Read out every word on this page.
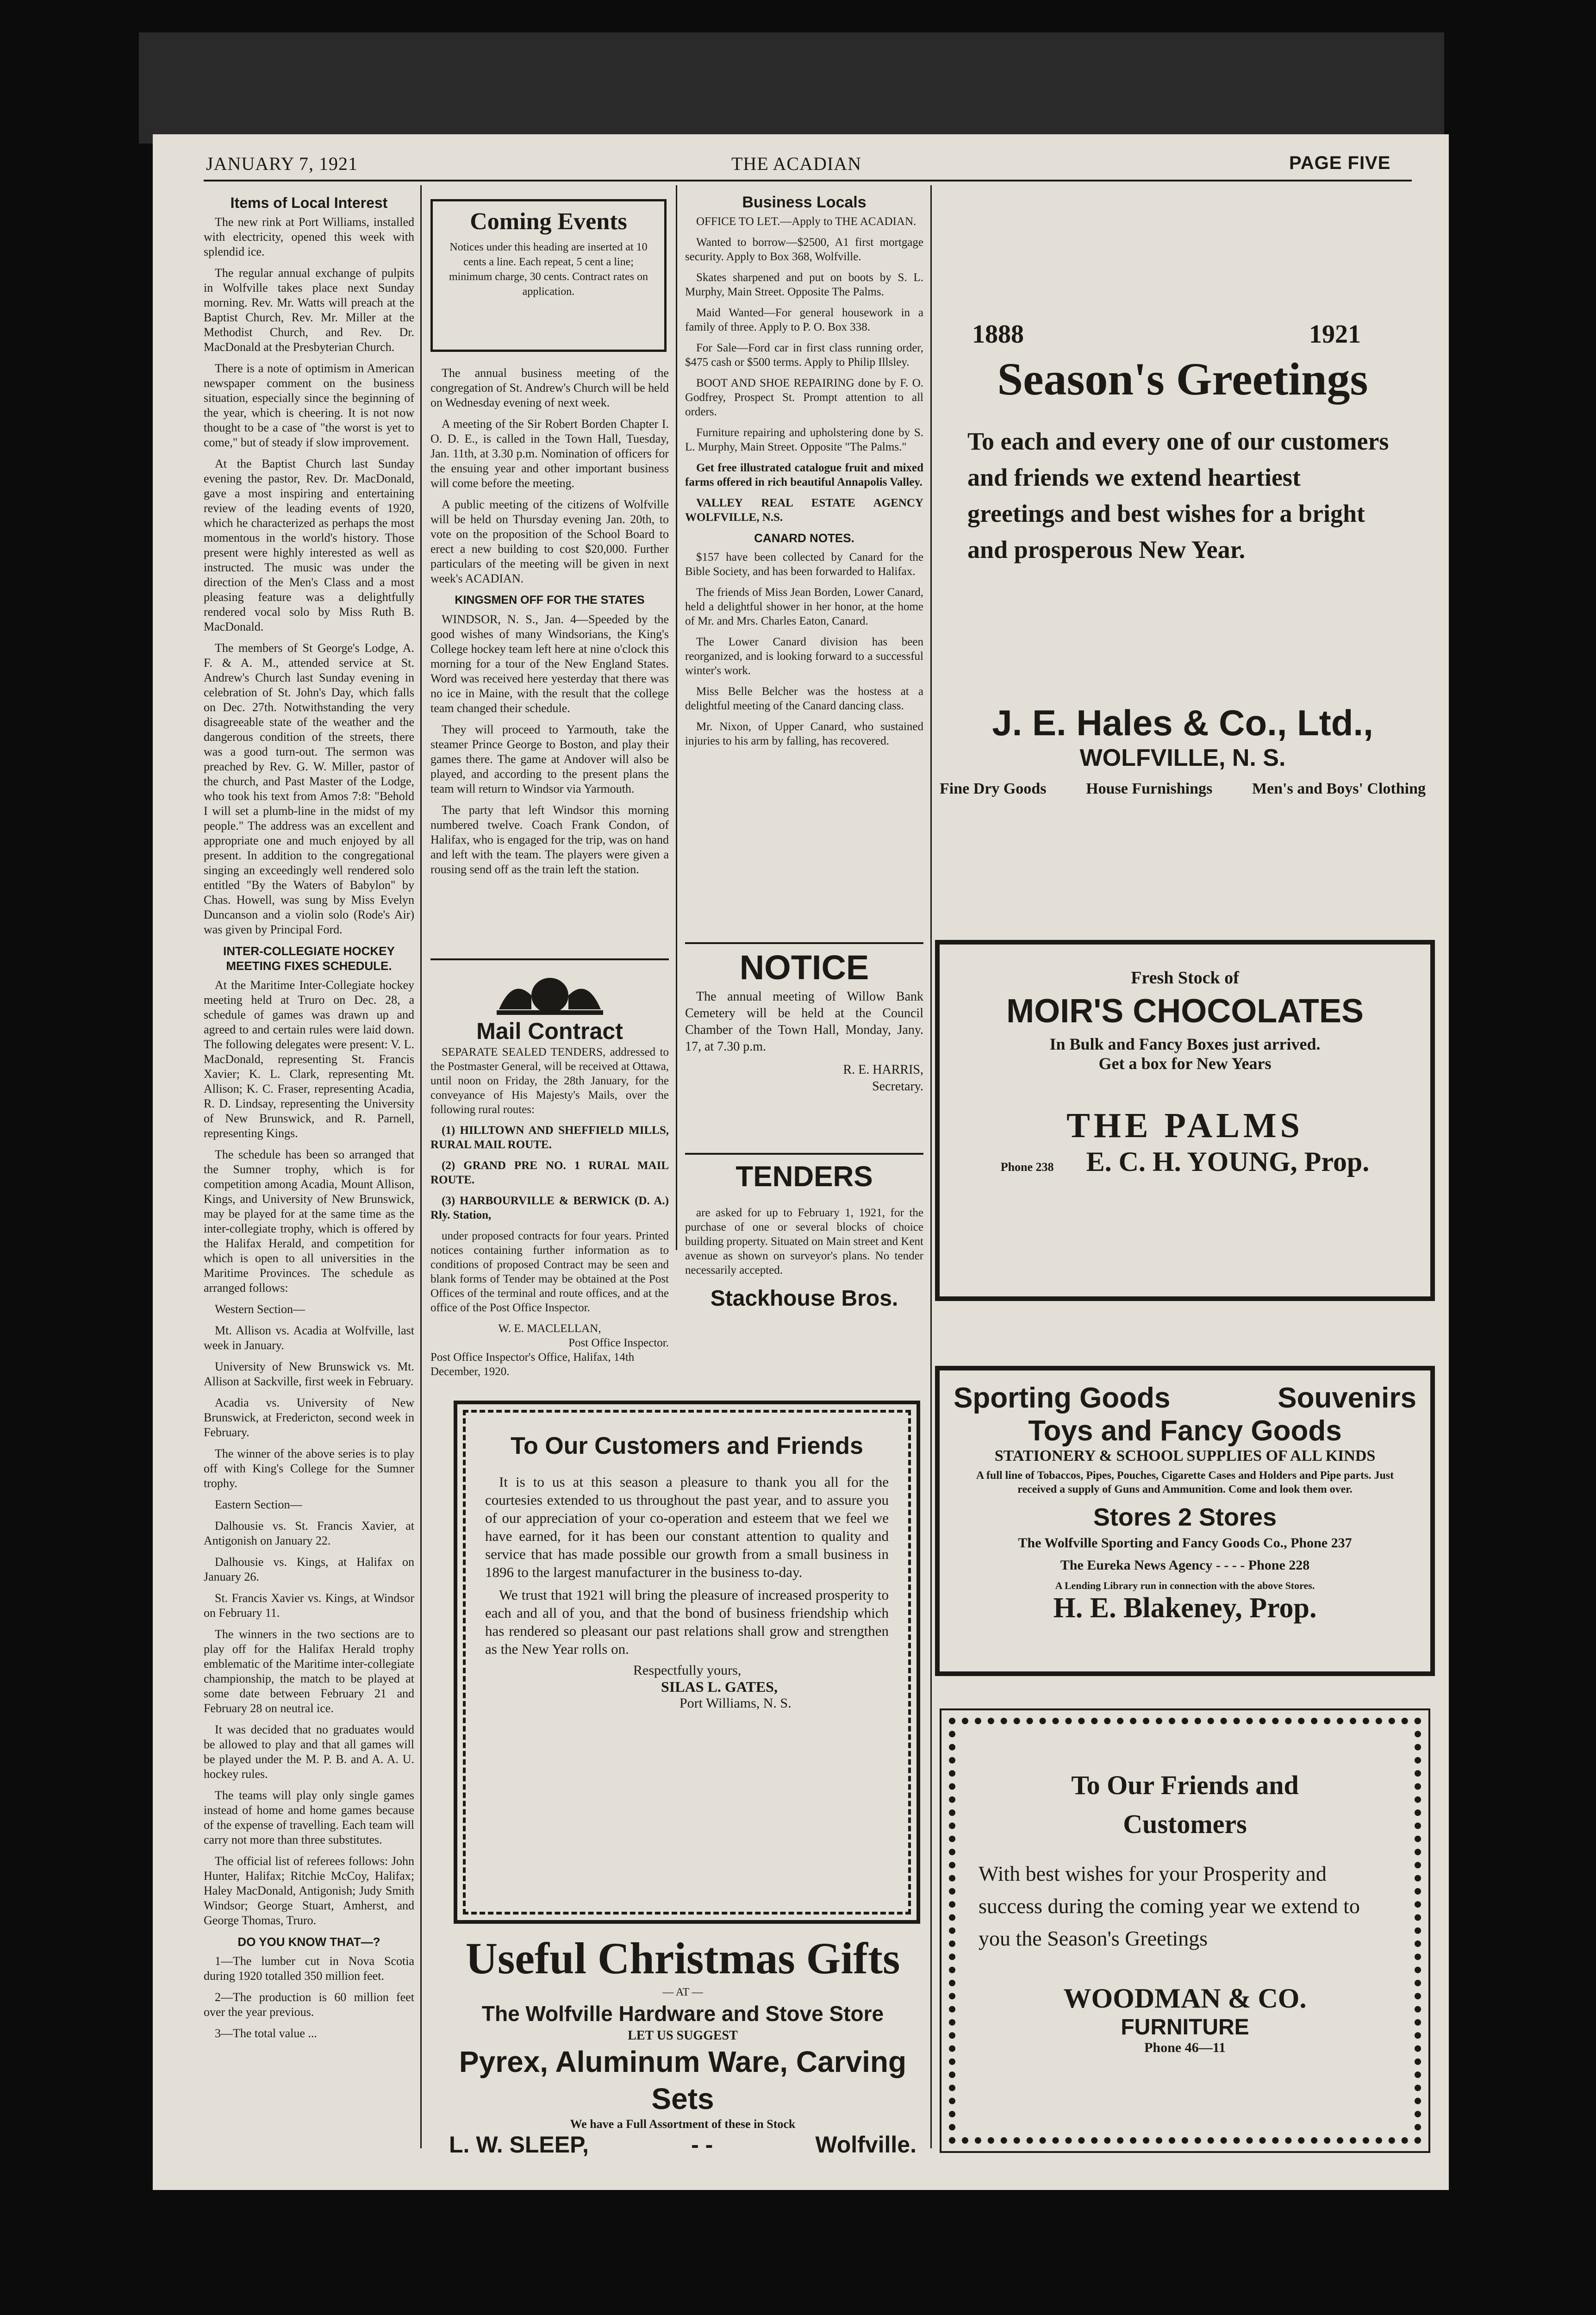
JANUARY 7, 1921	THE ACADIAN	PAGE FIVE
Items of Local Interest

The new rink at Port Williams, installed with electricity, opened this week with splendid ice.

The regular annual exchange of pulpits in Wolfville takes place next Sunday morning. Rev. Mr. Watts will preach at the Baptist Church, Rev. Mr. Miller at the Methodist Church, and Rev. Dr. MacDonald at the Presbyterian Church.

There is a note of optimism in American newspaper comment on the business situation, especially since the beginning of the year, which is cheering. It is not now thought to be a case of "the worst is yet to come," but of steady if slow improvement.

At the Baptist Church last Sunday evening the pastor, Rev. Dr. MacDonald, gave a most inspiring and entertaining review of the leading events of 1920, which he characterized as perhaps the most momentous in the world's history. Those present were highly interested as well as instructed. The music was under the direction of the Men's Class and a most pleasing feature was a delightfully rendered vocal solo by Miss Ruth B. MacDonald.

The members of St George's Lodge, A. F. & A. M., attended service at St. Andrew's Church last Sunday evening in celebration of St. John's Day, which falls on Dec. 27th. Notwithstanding the very disagreeable state of the weather and the dangerous condition of the streets, there was a good turn-out. The sermon was preached by Rev. G. W. Miller, pastor of the church, and Past Master of the Lodge, who took his text from Amos 7:8: "Behold I will set a plumb-line in the midst of my people." The address was an excellent and appropriate one and much enjoyed by all present. In addition to the congregational singing an exceedingly well rendered solo entitled "By the Waters of Babylon" by Chas. Howell, was sung by Miss Evelyn Duncanson and a violin solo (Rode's Air) was given by Principal Ford.

INTER-COLLEGIATE HOCKEY MEETING FIXES SCHEDULE.

At the Maritime Inter-Collegiate hockey meeting held at Truro on Dec. 28, a schedule of games was drawn up and agreed to and certain rules were laid down. The following delegates were present: V. L. MacDonald, representing St. Francis Xavier; K. L. Clark, representing Mt. Allison; K. C. Fraser, representing Acadia, R. D. Lindsay, representing the University of New Brunswick, and R. Parnell, representing Kings.

The schedule has been so arranged that the Sumner trophy, which is for competition among Acadia, Mount Allison, Kings, and University of New Brunswick, may be played for at the same time as the inter-collegiate trophy, which is offered by the Halifax Herald, and competition for which is open to all universities in the Maritime Provinces. The schedule as arranged follows:

Western Section—

Mt. Allison vs. Acadia at Wolfville, last week in January.

University of New Brunswick vs. Mt. Allison at Sackville, first week in February.

Acadia vs. University of New Brunswick, at Fredericton, second week in February.

The winner of the above series is to play off with King's College for the Sumner trophy.

Eastern Section—

Dalhousie vs. St. Francis Xavier, at Antigonish on January 22.

Dalhousie vs. Kings, at Halifax on January 26.

St. Francis Xavier vs. Kings, at Windsor on February 11.

The winners in the two sections are to play off for the Halifax Herald trophy emblematic of the Maritime inter-collegiate championship, the match to be played at some date between February 21 and February 28 on neutral ice.

It was decided that no graduates would be allowed to play and that all games will be played under the M. P. B. and A. A. U. hockey rules.

The teams will play only single games instead of home and home games because of the expense of travelling. Each team will carry not more than three substitutes.

The official list of referees follows: John Hunter, Halifax; Ritchie McCoy, Halifax; Haley MacDonald, Antigonish; Judy Smith Windsor; George Stuart, Amherst, and George Thomas, Truro.

DO YOU KNOW THAT—?

1—The lumber cut in Nova Scotia during 1920 totalled 350 million feet.

2—The production is 60 million feet over the year previous.

3—The total value ...

Coming Events
Notices under this heading are inserted at 10 cents a line. Each repeat, 5 cent a line; minimum charge, 30 cents. Contract rates on application.

The annual business meeting of the congregation of St. Andrew's Church will be held on Wednesday evening of next week.

A meeting of the Sir Robert Borden Chapter I. O. D. E., is called in the Town Hall, Tuesday, Jan. 11th, at 3.30 p.m. Nomination of officers for the ensuing year and other important business will come before the meeting.

A public meeting of the citizens of Wolfville will be held on Thursday evening Jan. 20th, to vote on the proposition of the School Board to erect a new building to cost $20,000. Further particulars of the meeting will be given in next week's ACADIAN.

KINGSMEN OFF FOR THE STATES

WINDSOR, N. S., Jan. 4—Speeded by the good wishes of many Windsorians, the King's College hockey team left here at nine o'clock this morning for a tour of the New England States. Word was received here yesterday that there was no ice in Maine, with the result that the college team changed their schedule.

They will proceed to Yarmouth, take the steamer Prince George to Boston, and play their games there. The game at Andover will also be played, and according to the present plans the team will return to Windsor via Yarmouth.

The party that left Windsor this morning numbered twelve. Coach Frank Condon, of Halifax, who is engaged for the trip, was on hand and left with the team. The players were given a rousing send off as the train left the station.

Mail Contract

SEPARATE SEALED TENDERS, addressed to the Postmaster General, will be received at Ottawa, until noon on Friday, the 28th January, for the conveyance of His Majesty's Mails, over the following rural routes:

(1) HILLTOWN AND SHEFFIELD MILLS, RURAL MAIL ROUTE.

(2) GRAND PRE NO. 1 RURAL MAIL ROUTE.

(3) HARBOURVILLE & BERWICK (D. A.) Rly. Station,

under proposed contracts for four years. Printed notices containing further information as to conditions of proposed Contract may be seen and blank forms of Tender may be obtained at the Post Offices of the terminal and route offices, and at the office of the Post Office Inspector.

W. E. MACLELLAN,
Post Office Inspector.
Post Office Inspector's Office, Halifax, 14th December, 1920.
Business Locals

OFFICE TO LET.—Apply to THE ACADIAN.

Wanted to borrow—$2500, A1 first mortgage security. Apply to Box 368, Wolfville.

Skates sharpened and put on boots by S. L. Murphy, Main Street. Opposite The Palms.

Maid Wanted—For general housework in a family of three. Apply to P. O. Box 338.

For Sale—Ford car in first class running order, $475 cash or $500 terms. Apply to Philip Illsley.

BOOT AND SHOE REPAIRING done by F. O. Godfrey, Prospect St. Prompt attention to all orders.

Furniture repairing and upholstering done by S. L. Murphy, Main Street. Opposite "The Palms."

Get free illustrated catalogue fruit and mixed farms offered in rich beautiful Annapolis Valley.

VALLEY REAL ESTATE AGENCY WOLFVILLE, N.S.

CANARD NOTES.

$157 have been collected by Canard for the Bible Society, and has been forwarded to Halifax.

The friends of Miss Jean Borden, Lower Canard, held a delightful shower in her honor, at the home of Mr. and Mrs. Charles Eaton, Canard.

The Lower Canard division has been reorganized, and is looking forward to a successful winter's work.

Miss Belle Belcher was the hostess at a delightful meeting of the Canard dancing class.

Mr. Nixon, of Upper Canard, who sustained injuries to his arm by falling, has recovered.

NOTICE

The annual meeting of Willow Bank Cemetery will be held at the Council Chamber of the Town Hall, Monday, Jany. 17, at 7.30 p.m.

R. E. HARRIS,
Secretary.
TENDERS

are asked for up to February 1, 1921, for the purchase of one or several blocks of choice building property. Situated on Main street and Kent avenue as shown on surveyor's plans. No tender necessarily accepted.

Stackhouse Bros.
To Our Customers and Friends

It is to us at this season a pleasure to thank you all for the courtesies extended to us throughout the past year, and to assure you of our appreciation of your co-operation and esteem that we feel we have earned, for it has been our constant attention to quality and service that has made possible our growth from a small business in 1896 to the largest manufacturer in the business to-day.

We trust that 1921 will bring the pleasure of increased prosperity to each and all of you, and that the bond of business friendship which has rendered so pleasant our past relations shall grow and strengthen as the New Year rolls on.

Respectfully yours,
SILAS L. GATES,
Port Williams, N. S.
Useful Christmas Gifts
— AT —
The Wolfville Hardware and Stove Store
LET US SUGGEST
Pyrex, Aluminum Ware, Carving Sets
We have a Full Assortment of these in Stock
L. W. SLEEP,	- -	Wolfville.
1888	1921
Season's Greetings
To each and every one of our customers and friends we extend heartiest greetings and best wishes for a bright and prosperous New Year.
J. E. Hales & Co., Ltd.,
WOLFVILLE, N. S.
Fine Dry Goods	House Furnishings	Men's and Boys' Clothing
Fresh Stock of
MOIR'S CHOCOLATES
In Bulk and Fancy Boxes just arrived.
Get a box for New Years
THE PALMS
Phone 238 E. C. H. YOUNG, Prop.
Sporting Goods	Souvenirs
Toys and Fancy Goods
STATIONERY & SCHOOL SUPPLIES OF ALL KINDS
A full line of Tobaccos, Pipes, Pouches, Cigarette Cases and Holders and Pipe parts. Just received a supply of Guns and Ammunition. Come and look them over.
Stores 2 Stores
The Wolfville Sporting and Fancy Goods Co., Phone 237
The Eureka News Agency - - - - Phone 228
A Lending Library run in connection with the above Stores.
H. E. Blakeney, Prop.
To Our Friends and Customers
With best wishes for your Prosperity and success during the coming year we extend to you the Season's Greetings
WOODMAN & CO.
FURNITURE
Phone 46—11
